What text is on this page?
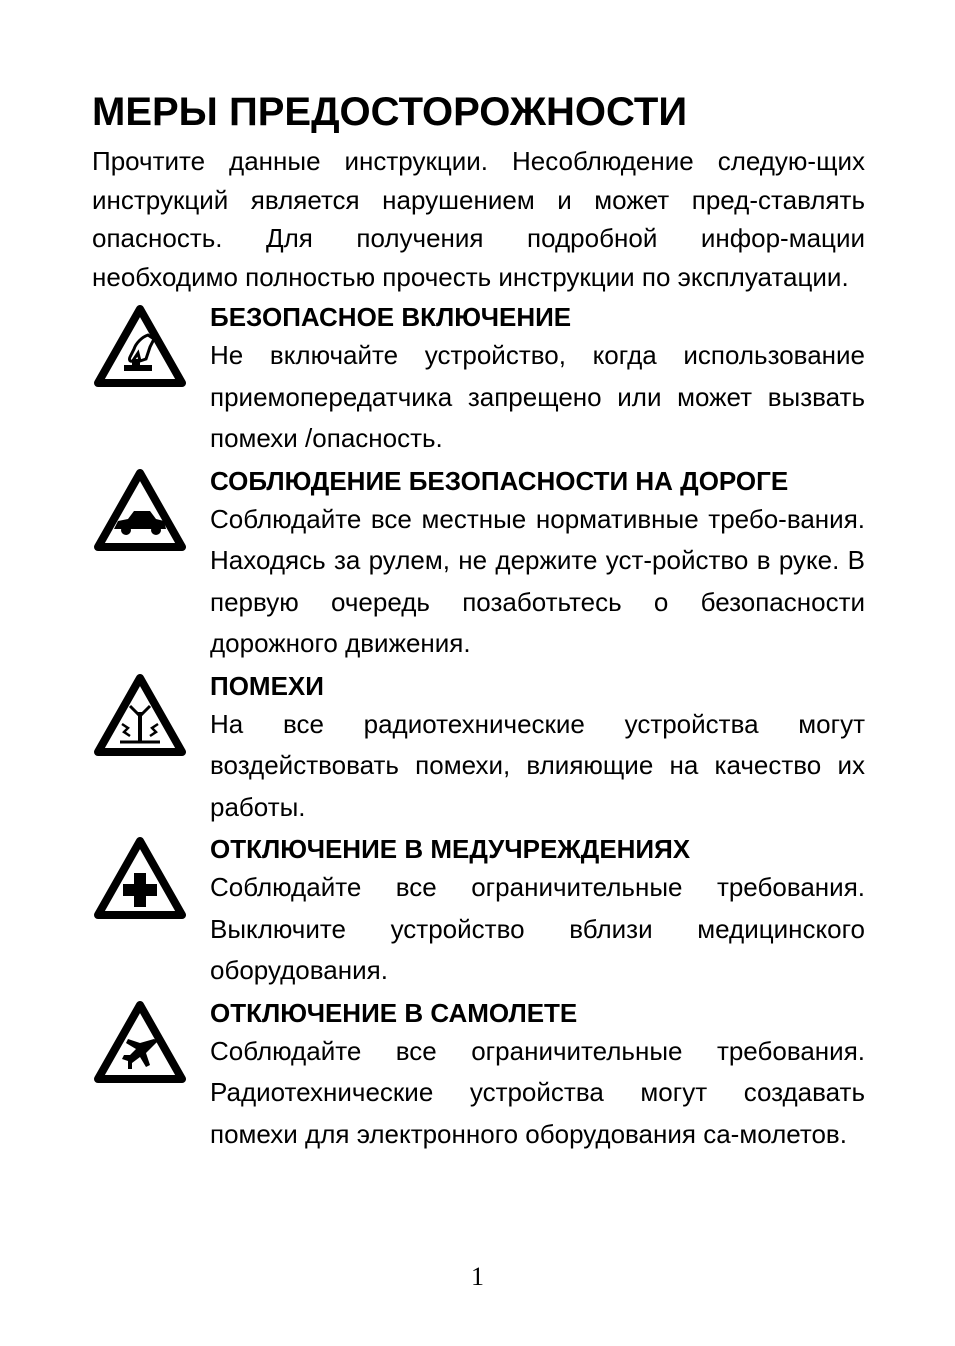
МЕРЫ ПРЕДОСТОРОЖНОСТИ

Прочтите данные инструкции. Несоблюдение следую-щих инструкций является нарушением и может пред-ставлять опасность. Для получения подробной инфор-мации необходимо полностью прочесть инструкции по эксплуатации.

БЕЗОПАСНОЕ ВКЛЮЧЕНИЕ

Не включайте устройство, когда использование приемопередатчика запрещено или может вызвать помехи /опасность.

СОБЛЮДЕНИЕ БЕЗОПАСНОСТИ НА ДОРОГЕ

Соблюдайте все местные нормативные требо-вания. Находясь за рулем, не держите уст-ройство в руке. В первую очередь позаботьтесь о безопасности дорожного движения.

ПОМЕХИ

На все радиотехнические устройства могут воздействовать помехи, влияющие на качество их работы.

ОТКЛЮЧЕНИЕ В МЕДУЧРЕЖДЕНИЯХ

Соблюдайте все ограничительные требования. Выключите устройство вблизи медицинского оборудования.

ОТКЛЮЧЕНИЕ В САМОЛЕТЕ

Соблюдайте все ограничительные требования. Радиотехнические устройства могут создавать помехи для электронного оборудования са-молетов.

1
